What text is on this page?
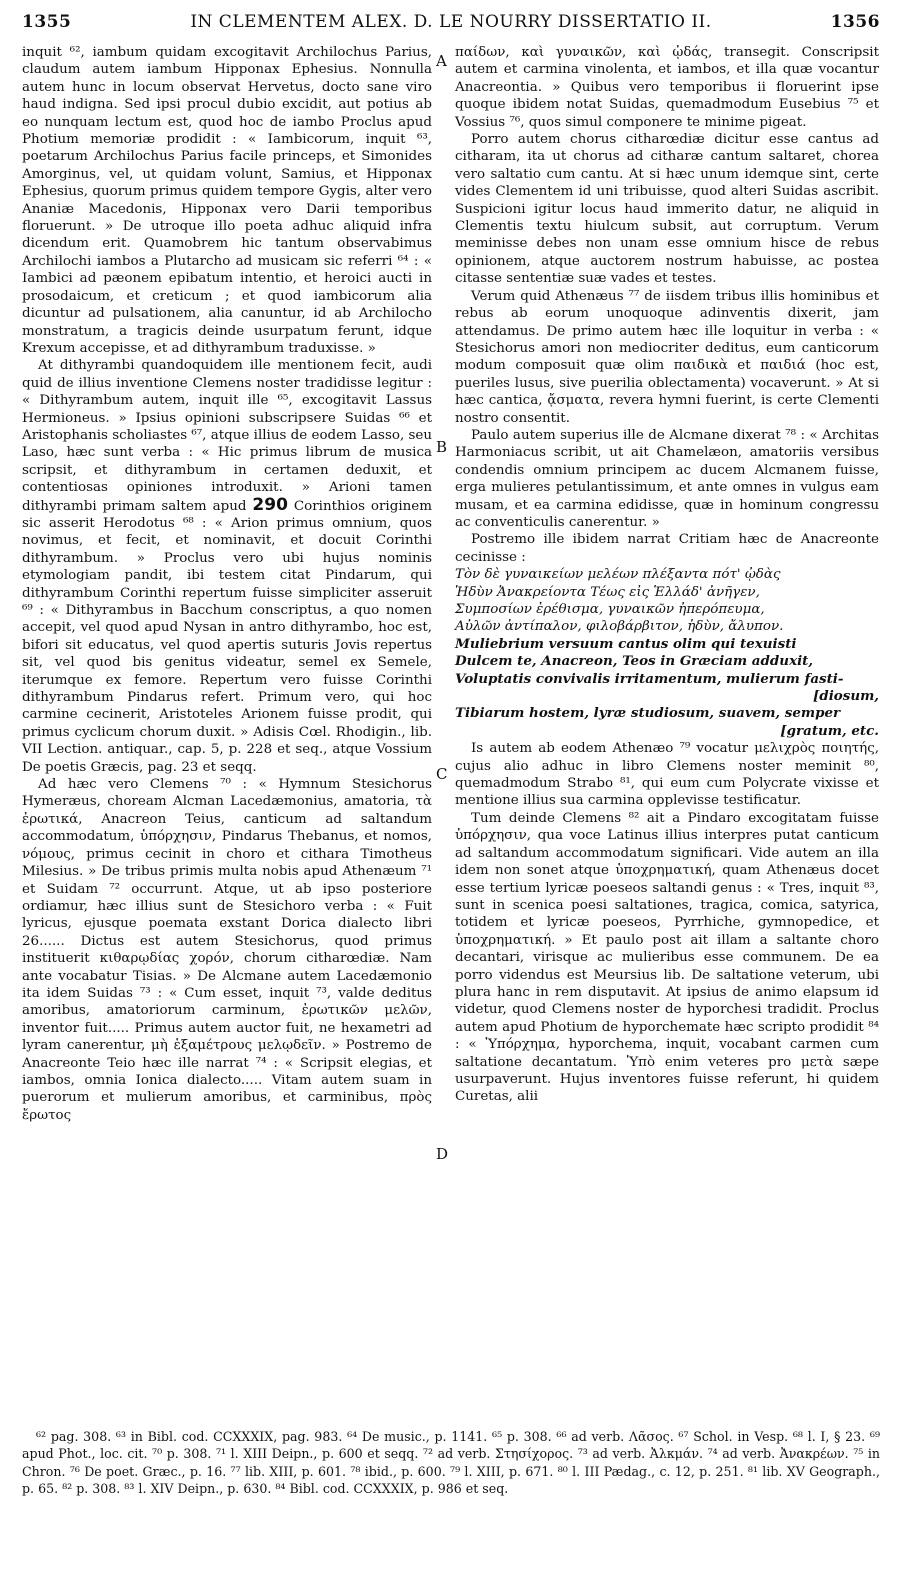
1355	IN CLEMENTEM ALEX. D. LE NOURRY DISSERTATIO II.	1356
A
B
C
D

inquit ⁶², iambum quidam excogitavit Archilochus Parius, claudum autem iambum Hipponax Ephesius. Nonnulla autem hunc in locum observat Hervetus, docto sane viro haud indigna. Sed ipsi procul dubio excidit, aut potius ab eo nunquam lectum est, quod hoc de iambo Proclus apud Photium memoriæ prodidit : « Iambicorum, inquit ⁶³, poetarum Archilochus Parius facile princeps, et Simonides Amorginus, vel, ut quidam volunt, Samius, et Hipponax Ephesius, quorum primus quidem tempore Gygis, alter vero Ananiæ Macedonis, Hipponax vero Darii temporibus floruerunt. » De utroque illo poeta adhuc aliquid infra dicendum erit. Quamobrem hic tantum observabimus Archilochi iambos a Plutarcho ad musicam sic referri ⁶⁴ : « Iambici ad pæonem epibatum intentio, et heroici aucti in prosodaicum, et creticum ; et quod iambicorum alia dicuntur ad pulsationem, alia canuntur, id ab Archilocho monstratum, a tragicis deinde usurpatum ferunt, idque Krexum accepisse, et ad dithyrambum traduxisse. »

At dithyrambi quandoquidem ille mentionem fecit, audi quid de illius inventione Clemens noster tradidisse legitur : « Dithyrambum autem, inquit ille ⁶⁵, excogitavit Lassus Hermioneus. » Ipsius opinioni subscripsere Suidas ⁶⁶ et Aristophanis scholiastes ⁶⁷, atque illius de eodem Lasso, seu Laso, hæc sunt verba : « Hic primus librum de musica scripsit, et dithyrambum in certamen deduxit, et contentiosas opiniones introduxit. » Arioni tamen dithyrambi primam saltem apud 290 Corinthios originem sic asserit Herodotus ⁶⁸ : « Arion primus omnium, quos novimus, et fecit, et nominavit, et docuit Corinthi dithyrambum. » Proclus vero ubi hujus nominis etymologiam pandit, ibi testem citat Pindarum, qui dithyrambum Corinthi repertum fuisse simpliciter asseruit ⁶⁹ : « Dithyrambus in Bacchum conscriptus, a quo nomen accepit, vel quod apud Nysan in antro dithyrambo, hoc est, bifori sit educatus, vel quod apertis suturis Jovis repertus sit, vel quod bis genitus videatur, semel ex Semele, iterumque ex femore. Repertum vero fuisse Corinthi dithyrambum Pindarus refert. Primum vero, qui hoc carmine cecinerit, Aristoteles Arionem fuisse prodit, qui primus cyclicum chorum duxit. » Adisis Cœl. Rhodigin., lib. VII Lection. antiquar., cap. 5, p. 228 et seq., atque Vossium De poetis Græcis, pag. 23 et seqq.

Ad hæc vero Clemens ⁷⁰ : « Hymnum Stesichorus Hymeræus, choream Alcman Lacedæmonius, amatoria, τὰ ἐρωτικά, Anacreon Teius, canticum ad saltandum accommodatum, ὑπόρχησιν, Pindarus Thebanus, et nomos, νόμους, primus cecinit in choro et cithara Timotheus Milesius. » De tribus primis multa nobis apud Athenæum ⁷¹ et Suidam ⁷² occurrunt. Atque, ut ab ipso posteriore ordiamur, hæc illius sunt de Stesichoro verba : « Fuit lyricus, ejusque poemata exstant Dorica dialecto libri 26...... Dictus est autem Stesichorus, quod primus instituerit κιθαρῳδίας χορόν, chorum citharœdiæ. Nam ante vocabatur Tisias. » De Alcmane autem Lacedæmonio ita idem Suidas ⁷³ : « Cum esset, inquit ⁷³, valde deditus amoribus, amatoriorum carminum, ἐρωτικῶν μελῶν, inventor fuit..... Primus autem auctor fuit, ne hexametri ad lyram canerentur, μὴ ἑξαμέτρους μελῳδεῖν. » Postremo de Anacreonte Teio hæc ille narrat ⁷⁴ : « Scripsit elegias, et iambos, omnia Ionica dialecto..... Vitam autem suam in puerorum et mulierum amoribus, et carminibus, πρὸς ἔρωτος

παίδων, καὶ γυναικῶν, καὶ ᾠδάς, transegit. Conscripsit autem et carmina vinolenta, et iambos, et illa quæ vocantur Anacreontia. » Quibus vero temporibus ii floruerint ipse quoque ibidem notat Suidas, quemadmodum Eusebius ⁷⁵ et Vossius ⁷⁶, quos simul componere te minime pigeat.

Porro autem chorus citharœdiæ dicitur esse cantus ad citharam, ita ut chorus ad citharæ cantum saltaret, chorea vero saltatio cum cantu. At si hæc unum idemque sint, certe vides Clementem id uni tribuisse, quod alteri Suidas ascribit. Suspicioni igitur locus haud immerito datur, ne aliquid in Clementis textu hiulcum subsit, aut corruptum. Verum meminisse debes non unam esse omnium hisce de rebus opinionem, atque auctorem nostrum habuisse, ac postea citasse sententiæ suæ vades et testes.

Verum quid Athenæus ⁷⁷ de iisdem tribus illis hominibus et rebus ab eorum unoquoque adinventis dixerit, jam attendamus. De primo autem hæc ille loquitur in verba : « Stesichorus amori non mediocriter deditus, eum canticorum modum composuit quæ olim παιδικὰ et παιδιά (hoc est, pueriles lusus, sive puerilia oblectamenta) vocaverunt. » At si hæc cantica, ᾄσματα, revera hymni fuerint, is certe Clementi nostro consentit.

Paulo autem superius ille de Alcmane dixerat ⁷⁸ : « Architas Harmoniacus scribit, ut ait Chamelæon, amatoriis versibus condendis omnium principem ac ducem Alcmanem fuisse, erga mulieres petulantissimum, et ante omnes in vulgus eam musam, et ea carmina edidisse, quæ in hominum congressu ac conventiculis canerentur. »

Postremo ille ibidem narrat Critiam hæc de Anacreonte cecinisse :

Τὸν δὲ γυναικείων μελέων πλέξαντα πότ' ᾠδὰς
Ἡδὺν Ἀνακρείοντα Τέως εἰς Ἑλλάδ' ἀνῆγεν,
Συμποσίων ἐρέθισμα, γυναικῶν ἠπερόπευμα,
Αὐλῶν ἀντίπαλον, φιλοβάρβιτον, ἡδὺν, ἄλυπον.
Muliebrium versuum cantus olim qui texuisti
Dulcem te, Anacreon, Teos in Græciam adduxit,
Voluptatis convivalis irritamentum, mulierum fasti-
[diosum,
Tibiarum hostem, lyræ studiosum, suavem, semper
[gratum, etc.

Is autem ab eodem Athenæo ⁷⁹ vocatur μελιχρὸς ποιητής, cujus alio adhuc in libro Clemens noster meminit ⁸⁰, quemadmodum Strabo ⁸¹, qui eum cum Polycrate vixisse et mentione illius sua carmina opplevisse testificatur.

Tum deinde Clemens ⁸² ait a Pindaro excogitatam fuisse ὑπόρχησιν, qua voce Latinus illius interpres putat canticum ad saltandum accommodatum significari. Vide autem an illa idem non sonet atque ὑποχρηματική, quam Athenæus docet esse tertium lyricæ poeseos saltandi genus : « Tres, inquit ⁸³, sunt in scenica poesi saltationes, tragica, comica, satyrica, totidem et lyricæ poeseos, Pyrrhiche, gymnopedice, et ὑποχρηματική. » Et paulo post ait illam a saltante choro decantari, virisque ac mulieribus esse communem. De ea porro videndus est Meursius lib. De saltatione veterum, ubi plura hanc in rem disputavit. At ipsius de animo elapsum id videtur, quod Clemens noster de hyporchesi tradidit. Proclus autem apud Photium de hyporchemate hæc scripto prodidit ⁸⁴ : « Ὑπόρχημα, hyporchema, inquit, vocabant carmen cum saltatione decantatum. Ὑπὸ enim veteres pro μετὰ sæpe usurpaverunt. Hujus inventores fuisse referunt, hi quidem Curetas, alii

⁶² pag. 308. ⁶³ in Bibl. cod. CCXXXIX, pag. 983. ⁶⁴ De music., p. 1141. ⁶⁵ p. 308. ⁶⁶ ad verb. Λᾶσος. ⁶⁷ Schol. in Vesp. ⁶⁸ l. I, § 23. ⁶⁹ apud Phot., loc. cit. ⁷⁰ p. 308. ⁷¹ l. XIII Deipn., p. 600 et seqq. ⁷² ad verb. Στησίχορος. ⁷³ ad verb. Ἀλκμάν. ⁷⁴ ad verb. Ἀνακρέων. ⁷⁵ in Chron. ⁷⁶ De poet. Græc., p. 16. ⁷⁷ lib. XIII, p. 601. ⁷⁸ ibid., p. 600. ⁷⁹ l. XIII, p. 671. ⁸⁰ l. III Pædag., c. 12, p. 251. ⁸¹ lib. XV Geograph., p. 65. ⁸² p. 308. ⁸³ l. XIV Deipn., p. 630. ⁸⁴ Bibl. cod. CCXXXIX, p. 986 et seq.
